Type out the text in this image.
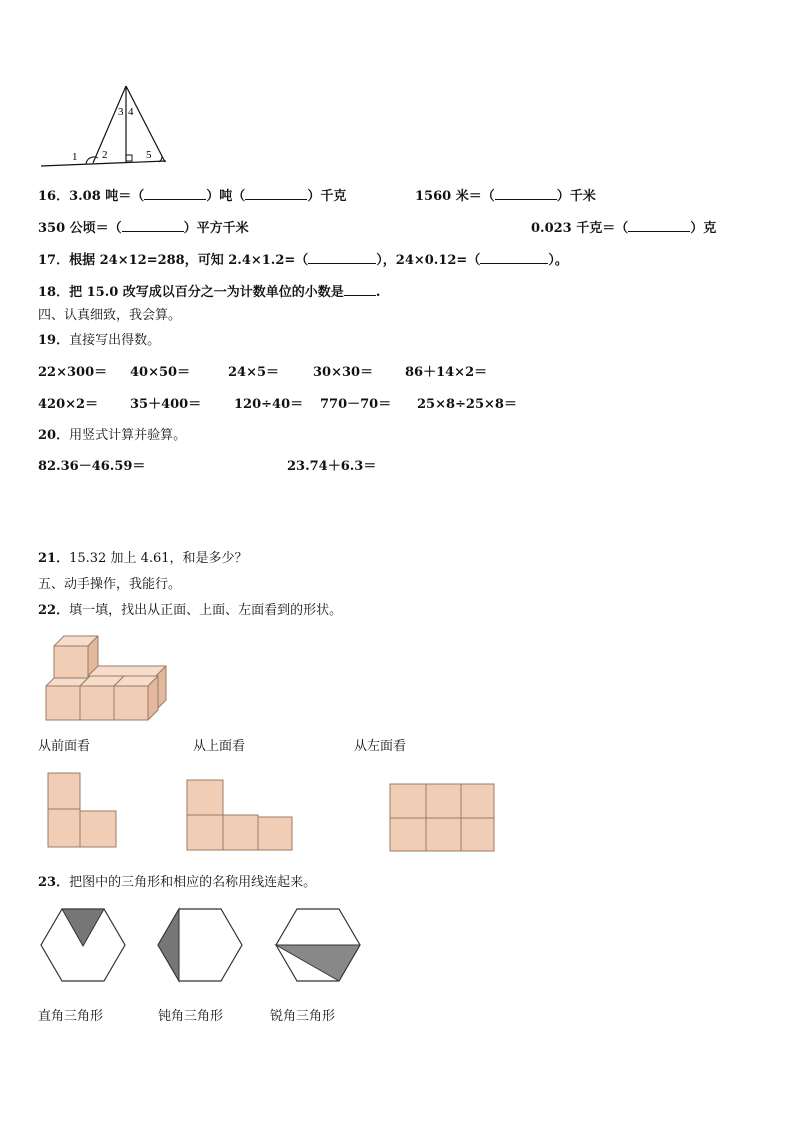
1 2
3 4
5
16．3.08 吨＝（	）吨（	）千克	1560 米＝（	）千米
350 公顷＝（	）平方千米	0.023 千克＝（	）克
17．根据 24×12=288，可知 2.4×1.2=（	），24×0.12=（	）。
18．把 15.0 改写成以百分之一为计数单位的小数是 .
四、认真细致，我会算。
19．直接写出得数。
22×300＝ 40×50＝	24×5＝	30×30＝ 86＋14×2＝
420×2＝ 35＋400＝	120÷40＝ 770－70＝ 25×8÷25×8＝
20．用竖式计算并验算。
82.36－46.59＝	23.74＋6.3＝
21．15.32 加上 4.61，和是多少？
五、动手操作，我能行。
22．填一填，找出从正面、上面、左面看到的形状。
从前面看	从上面看	从左面看
23．把图中的三角形和相应的名称用线连起来。
直角三角形	钝角三角形	锐角三角形
